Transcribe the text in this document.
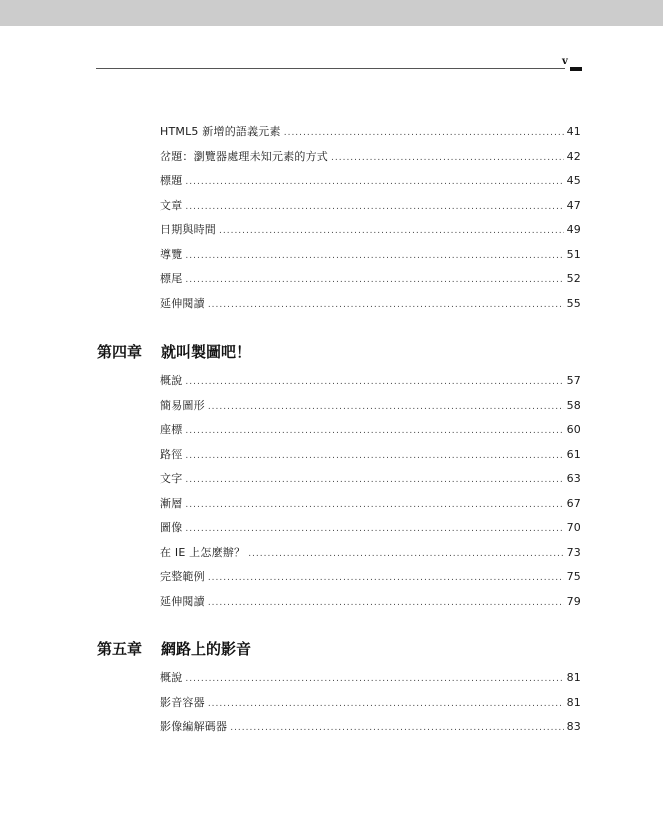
v
HTML5 新增的語義元素 .....	41
岔題：瀏覽器處理未知元素的方式 .....	42
標題 .....	45
文章 .....	47
日期與時間 .....	49
導覽 .....	51
標尾 .....	52
延伸閱讀 .....	55
第四章	就叫製圖吧！
概說 .....	57
簡易圖形 .....	58
座標 .....	60
路徑 .....	61
文字 .....	63
漸層 .....	67
圖像 .....	70
在 IE 上怎麼辦？ .....	73
完整範例 .....	75
延伸閱讀 .....	79
第五章	網路上的影音
概說 .....	81
影音容器 .....	81
影像編解碼器 .....	83
